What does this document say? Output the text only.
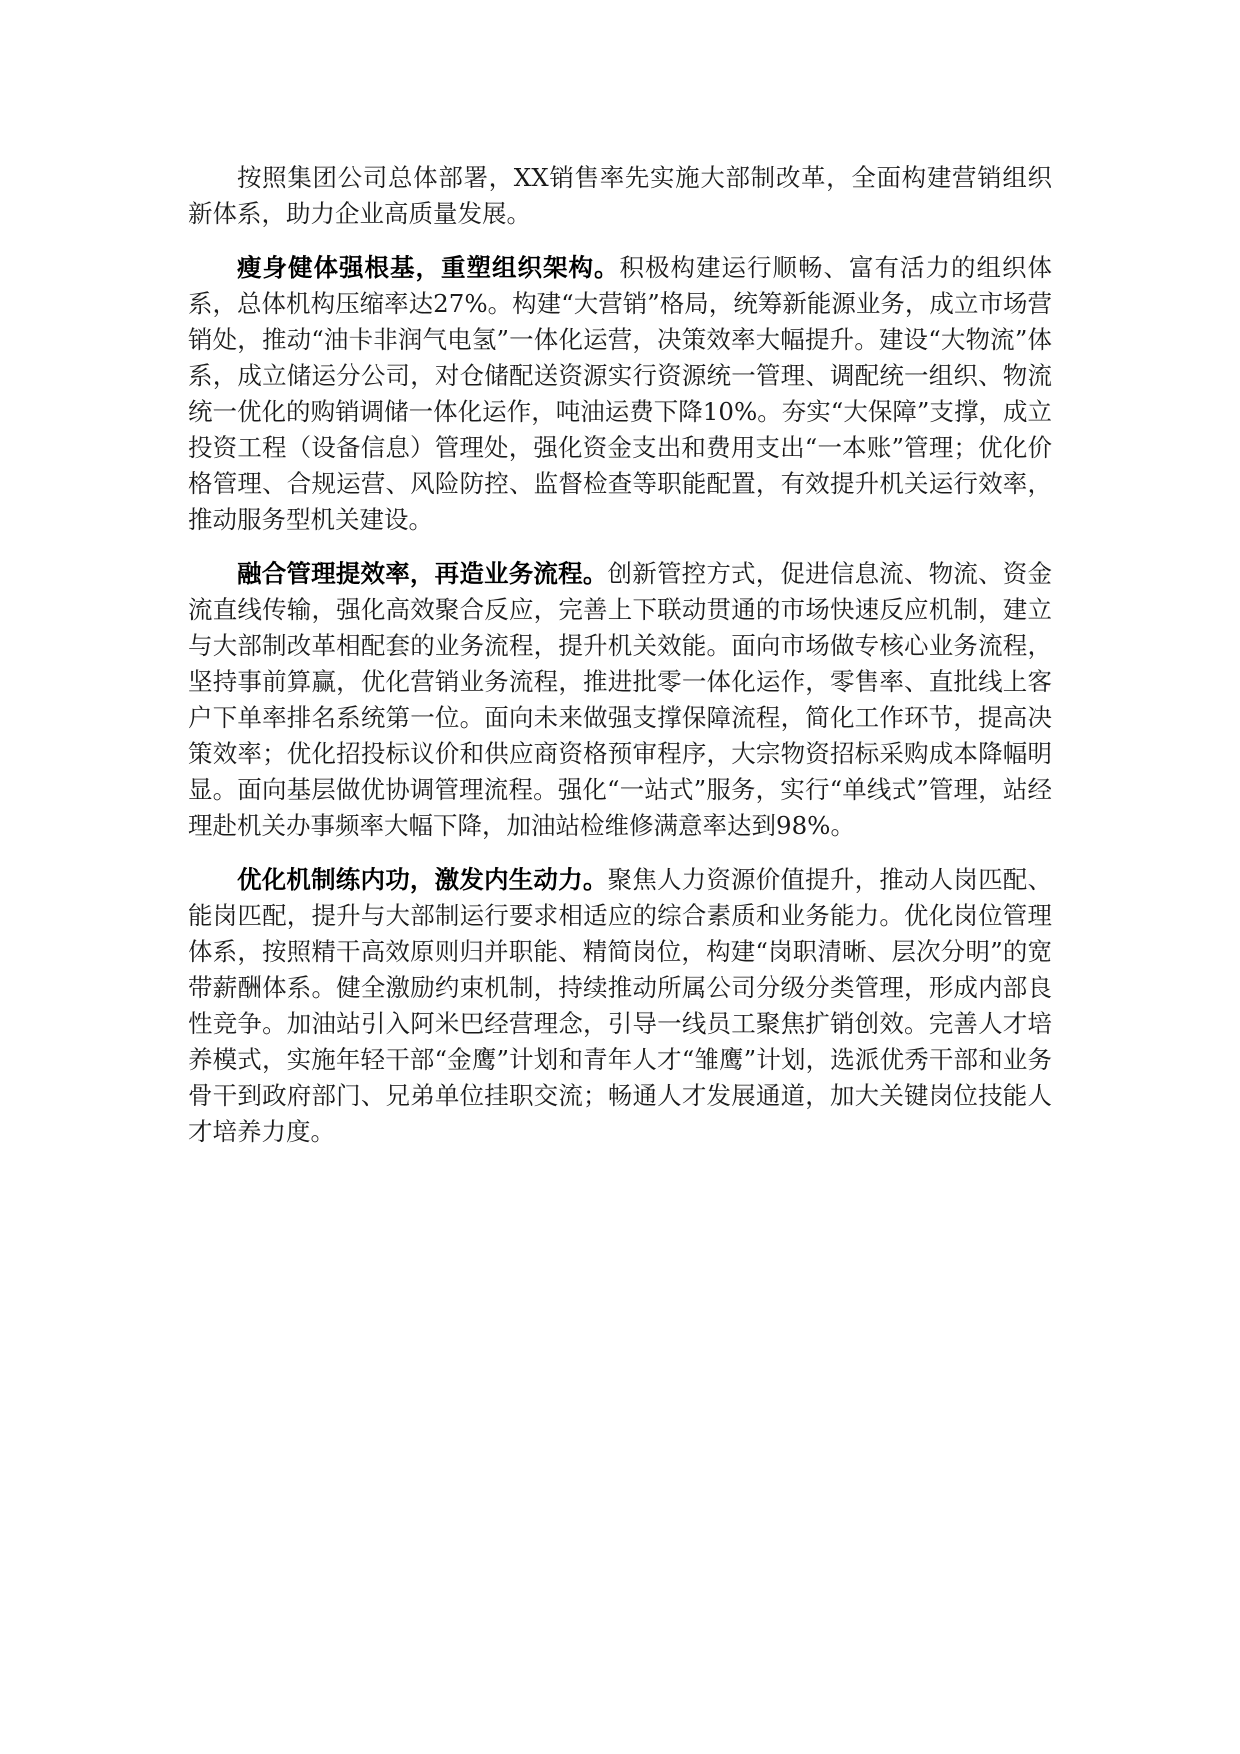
按照集团公司总体部署，XX销售率先实施大部制改革，全面构建营销组织新体系，助力企业高质量发展。

瘦身健体强根基，重塑组织架构。积极构建运行顺畅、富有活力的组织体系，总体机构压缩率达27%。构建“大营销”格局，统筹新能源业务，成立市场营销处，推动“油卡非润气电氢”一体化运营，决策效率大幅提升。建设“大物流”体系，成立储运分公司，对仓储配送资源实行资源统一管理、调配统一组织、物流统一优化的购销调储一体化运作，吨油运费下降10%。夯实“大保障”支撑，成立投资工程（设备信息）管理处，强化资金支出和费用支出“一本账”管理；优化价格管理、合规运营、风险防控、监督检查等职能配置，有效提升机关运行效率，推动服务型机关建设。

融合管理提效率，再造业务流程。创新管控方式，促进信息流、物流、资金流直线传输，强化高效聚合反应，完善上下联动贯通的市场快速反应机制，建立与大部制改革相配套的业务流程，提升机关效能。面向市场做专核心业务流程，坚持事前算赢，优化营销业务流程，推进批零一体化运作，零售率、直批线上客户下单率排名系统第一位。面向未来做强支撑保障流程，简化工作环节，提高决策效率；优化招投标议价和供应商资格预审程序，大宗物资招标采购成本降幅明显。面向基层做优协调管理流程。强化“一站式”服务，实行“单线式”管理，站经理赴机关办事频率大幅下降，加油站检维修满意率达到98%。

优化机制练内功，激发内生动力。聚焦人力资源价值提升，推动人岗匹配、能岗匹配，提升与大部制运行要求相适应的综合素质和业务能力。优化岗位管理体系，按照精干高效原则归并职能、精简岗位，构建“岗职清晰、层次分明”的宽带薪酬体系。健全激励约束机制，持续推动所属公司分级分类管理，形成内部良性竞争。加油站引入阿米巴经营理念，引导一线员工聚焦扩销创效。完善人才培养模式，实施年轻干部“金鹰”计划和青年人才“雏鹰”计划，选派优秀干部和业务骨干到政府部门、兄弟单位挂职交流；畅通人才发展通道，加大关键岗位技能人才培养力度。
